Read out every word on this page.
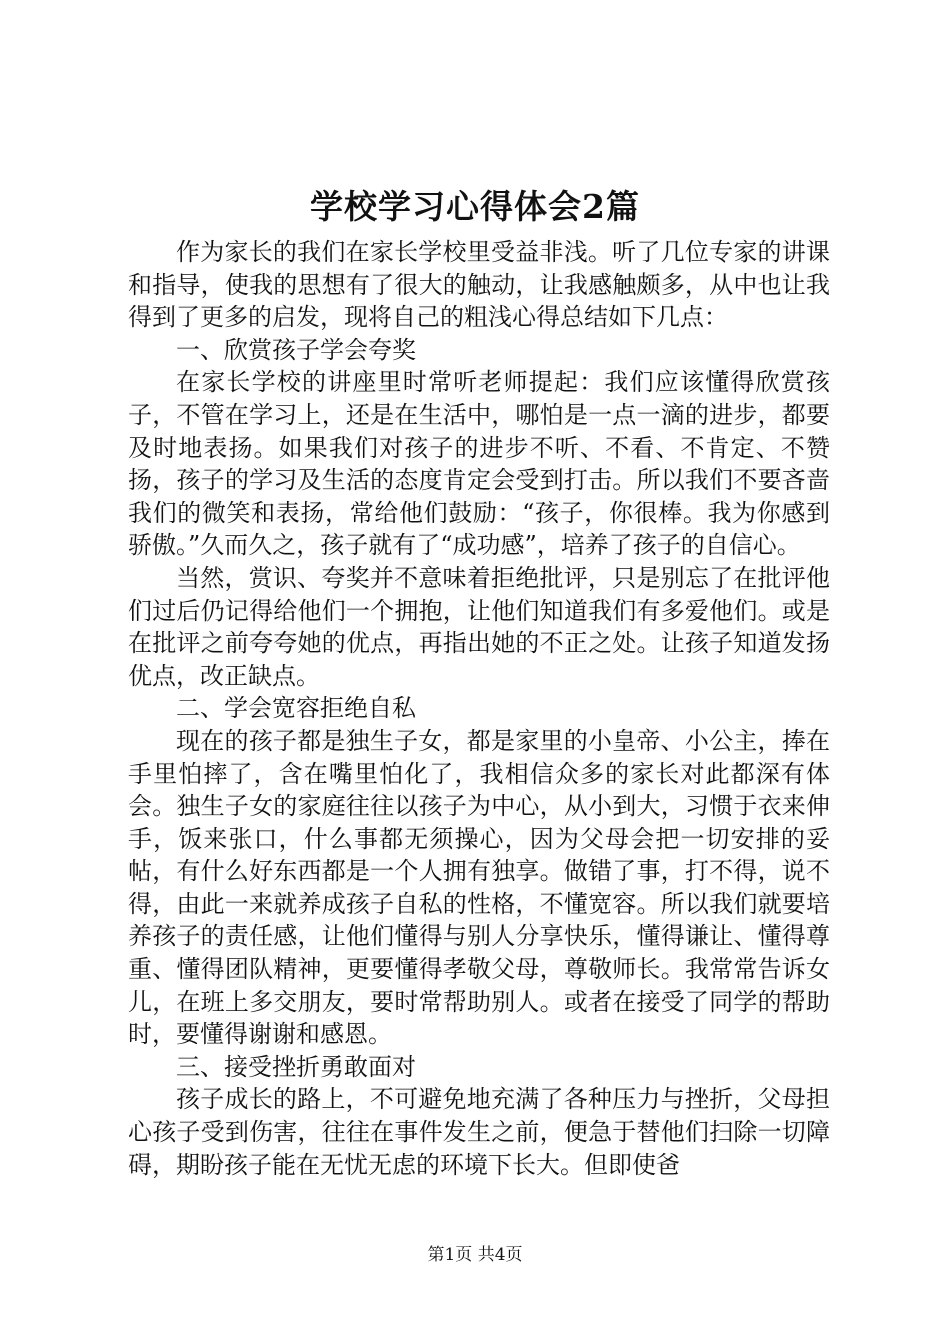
学校学习心得体会2篇

作为家长的我们在家长学校里受益非浅。听了几位专家的讲课和指导，使我的思想有了很大的触动，让我感触颇多，从中也让我得到了更多的启发，现将自己的粗浅心得总结如下几点：

一、欣赏孩子学会夸奖

在家长学校的讲座里时常听老师提起：我们应该懂得欣赏孩子，不管在学习上，还是在生活中，哪怕是一点一滴的进步，都要及时地表扬。如果我们对孩子的进步不听、不看、不肯定、不赞扬，孩子的学习及生活的态度肯定会受到打击。所以我们不要吝啬我们的微笑和表扬，常给他们鼓励：“孩子，你很棒。我为你感到骄傲。”久而久之，孩子就有了“成功感”，培养了孩子的自信心。

当然，赏识、夸奖并不意味着拒绝批评，只是别忘了在批评他们过后仍记得给他们一个拥抱，让他们知道我们有多爱他们。或是在批评之前夸夸她的优点，再指出她的不正之处。让孩子知道发扬优点，改正缺点。

二、学会宽容拒绝自私

现在的孩子都是独生子女，都是家里的小皇帝、小公主，捧在手里怕摔了，含在嘴里怕化了，我相信众多的家长对此都深有体会。独生子女的家庭往往以孩子为中心，从小到大，习惯于衣来伸手，饭来张口，什么事都无须操心，因为父母会把一切安排的妥帖，有什么好东西都是一个人拥有独享。做错了事，打不得，说不得，由此一来就养成孩子自私的性格，不懂宽容。所以我们就要培养孩子的责任感，让他们懂得与别人分享快乐，懂得谦让、懂得尊重、懂得团队精神，更要懂得孝敬父母，尊敬师长。我常常告诉女儿，在班上多交朋友，要时常帮助别人。或者在接受了同学的帮助时，要懂得谢谢和感恩。

三、接受挫折勇敢面对

孩子成长的路上，不可避免地充满了各种压力与挫折，父母担心孩子受到伤害，往往在事件发生之前，便急于替他们扫除一切障碍，期盼孩子能在无忧无虑的环境下长大。但即使爸

第1页 共4页
